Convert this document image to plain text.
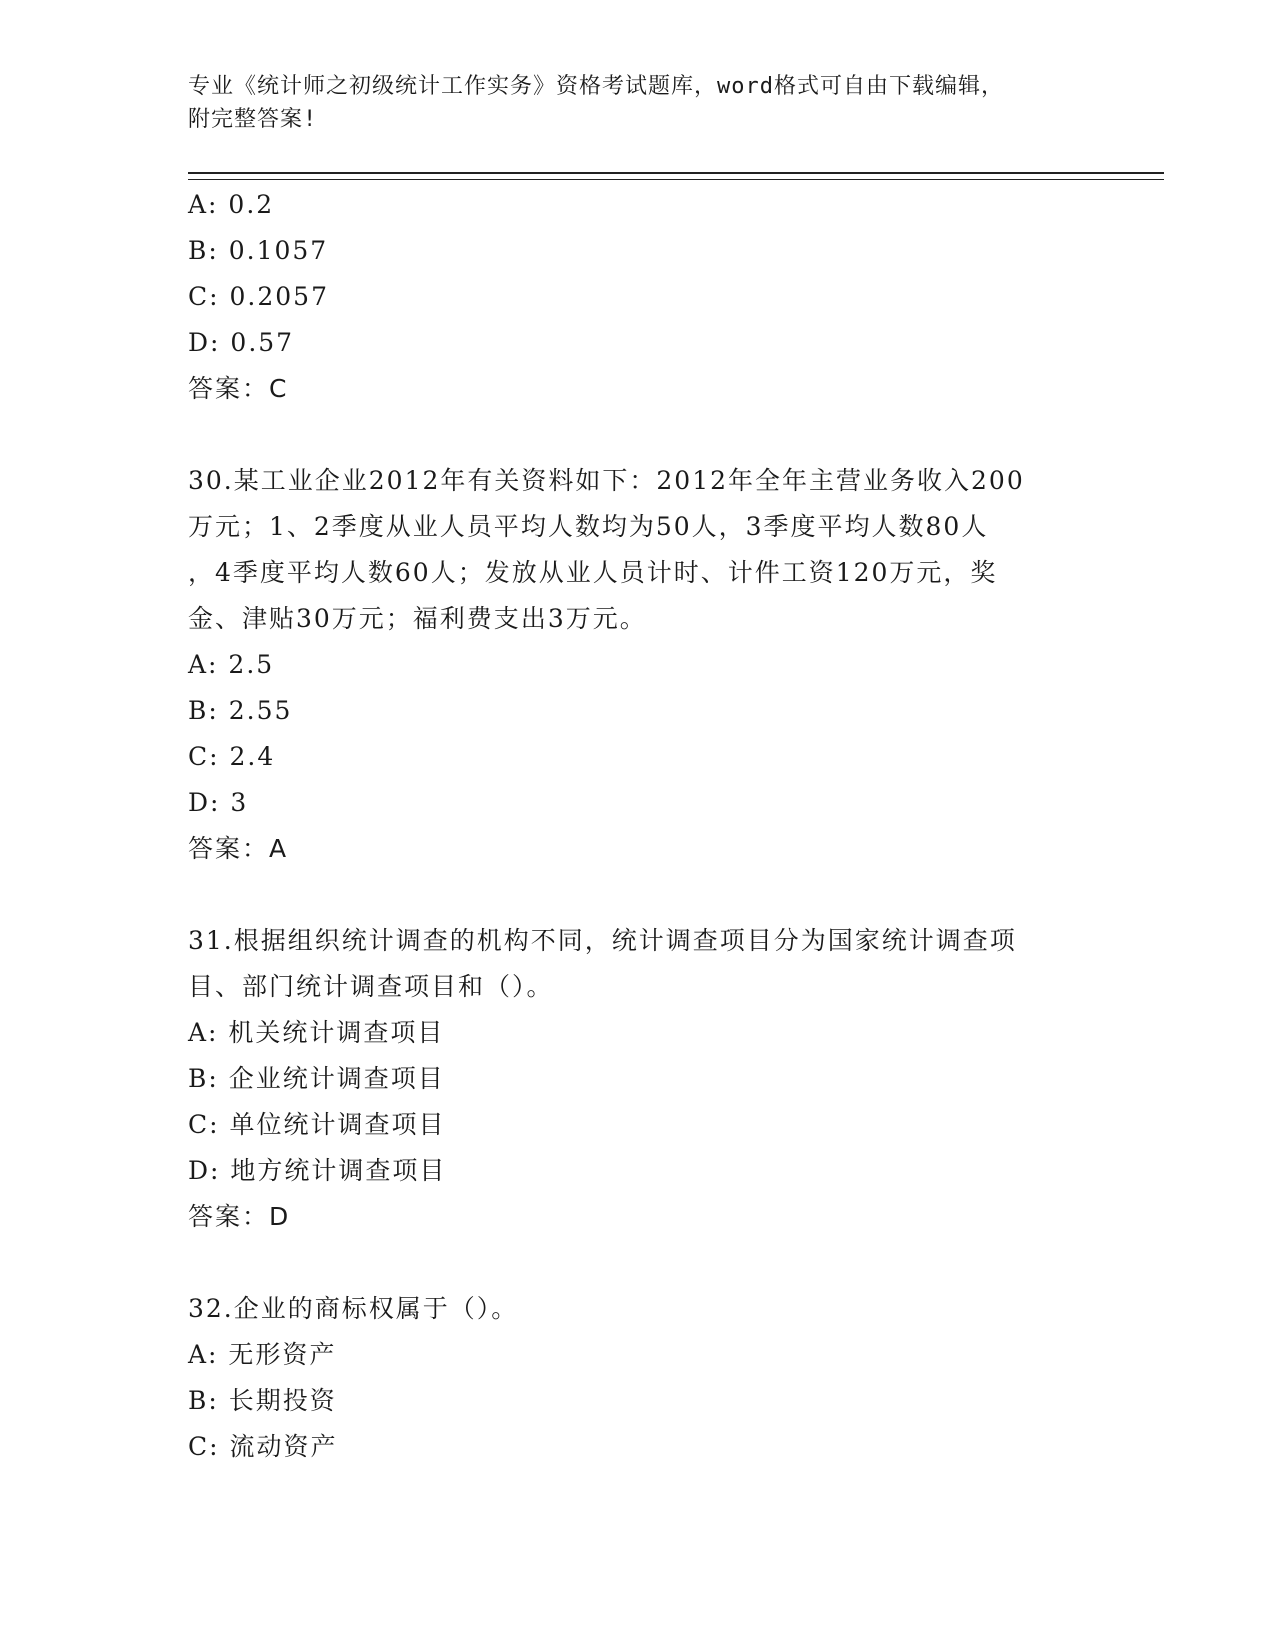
专业《统计师之初级统计工作实务》资格考试题库，word格式可自由下载编辑，
附完整答案!
A: 0.2
B: 0.1057
C: 0.2057
D: 0.57
答案：C
30.某工业企业2012年有关资料如下：2012年全年主营业务收入200
万元；1、2季度从业人员平均人数均为50人，3季度平均人数80人
，4季度平均人数60人；发放从业人员计时、计件工资120万元，奖
金、津贴30万元；福利费支出3万元。
A: 2.5
B: 2.55
C: 2.4
D: 3
答案：A
31.根据组织统计调查的机构不同，统计调查项目分为国家统计调查项
目、部门统计调查项目和（）。
A: 机关统计调查项目
B: 企业统计调查项目
C: 单位统计调查项目
D: 地方统计调查项目
答案：D
32.企业的商标权属于（）。
A: 无形资产
B: 长期投资
C: 流动资产
